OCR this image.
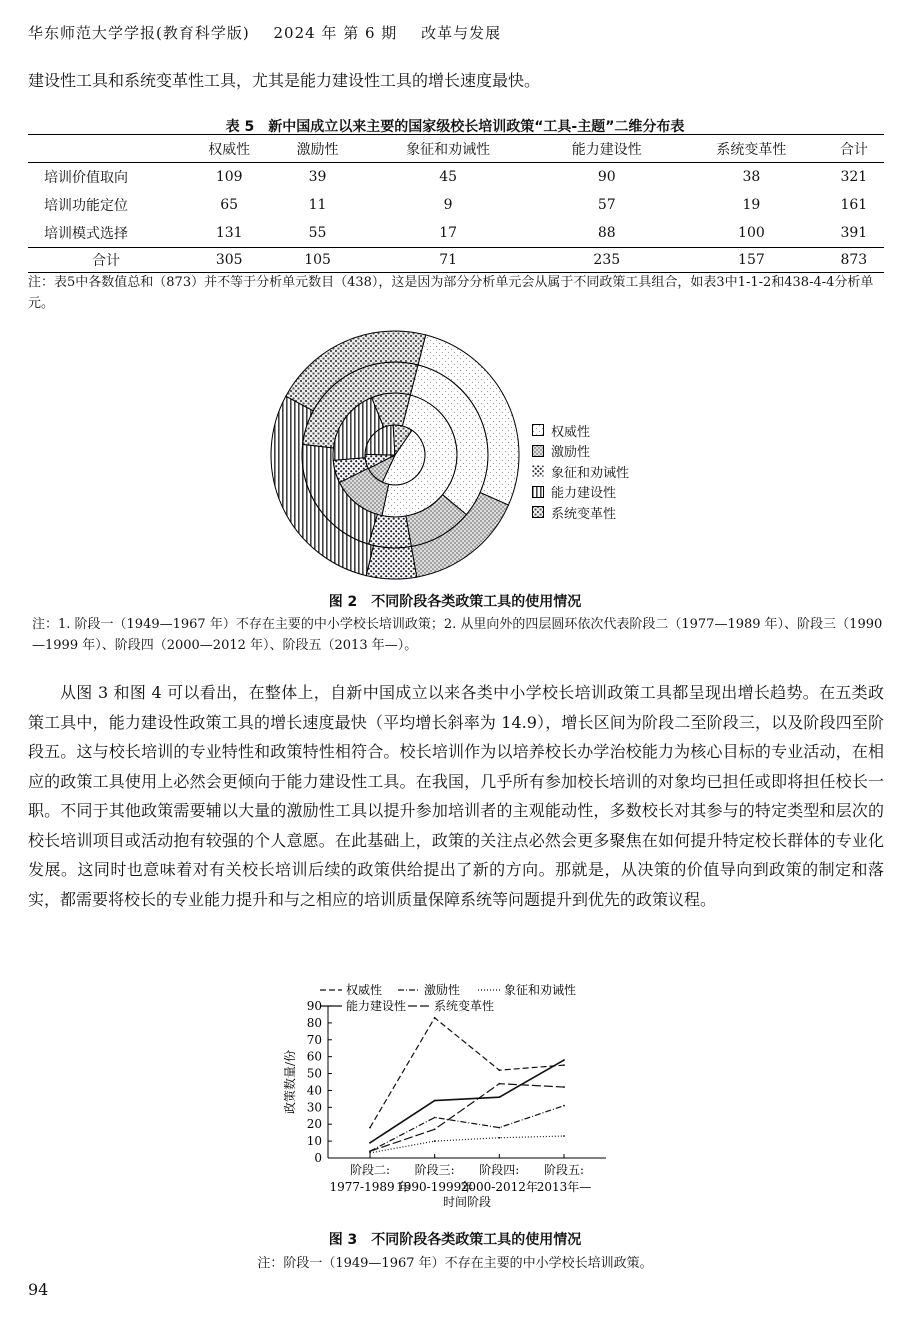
华东师范大学学报(教育科学版) 2024 年 第 6 期 改革与发展
建设性工具和系统变革性工具，尤其是能力建设性工具的增长速度最快。
表 5　新中国成立以来主要的国家级校长培训政策“工具-主题”二维分布表
	权威性	激励性	象征和劝诫性	能力建设性	系统变革性	合计
培训价值取向	109	39	45	90	38	321
培训功能定位	65	11	9	57	19	161
培训模式选择	131	55	17	88	100	391
合计	305	105	71	235	157	873
注：表5中各数值总和（873）并不等于分析单元数目（438），这是因为部分分析单元会从属于不同政策工具组合，如表3中1-1-2和438-4-4分析单元。
权威性
激励性
象征和劝诫性
能力建设性
系统变革性
图 2　不同阶段各类政策工具的使用情况
注：1. 阶段一（1949—1967 年）不存在主要的中小学校长培训政策；2. 从里向外的四层圆环依次代表阶段二（1977—1989 年）、阶段三（1990—1999 年）、阶段四（2000—2012 年）、阶段五（2013 年—）。
从图 3 和图 4 可以看出，在整体上，自新中国成立以来各类中小学校长培训政策工具都呈现出增长趋势。在五类政策工具中，能力建设性政策工具的增长速度最快（平均增长斜率为 14.9），增长区间为阶段二至阶段三，以及阶段四至阶段五。这与校长培训的专业特性和政策特性相符合。校长培训作为以培养校长办学治校能力为核心目标的专业活动，在相应的政策工具使用上必然会更倾向于能力建设性工具。在我国，几乎所有参加校长培训的对象均已担任或即将担任校长一职。不同于其他政策需要辅以大量的激励性工具以提升参加培训者的主观能动性，多数校长对其参与的特定类型和层次的校长培训项目或活动抱有较强的个人意愿。在此基础上，政策的关注点必然会更多聚焦在如何提升特定校长群体的专业化发展。这同时也意味着对有关校长培训后续的政策供给提出了新的方向。那就是，从决策的价值导向到政策的制定和落实，都需要将校长的专业能力提升和与之相应的培训质量保障系统等问题提升到优先的政策议程。
权威性	激励性	象征和劝诫性
能力建设性 系统变革性
0
10
20
30
40
50
60
70
80
90
阶段二:
1977-1989 年
阶段三:
1990-1999年
阶段四:
2000-2012年
阶段五:
2013年—
时间阶段
政策数量/份
图 3　不同阶段各类政策工具的使用情况
注：阶段一（1949—1967 年）不存在主要的中小学校长培训政策。
94
